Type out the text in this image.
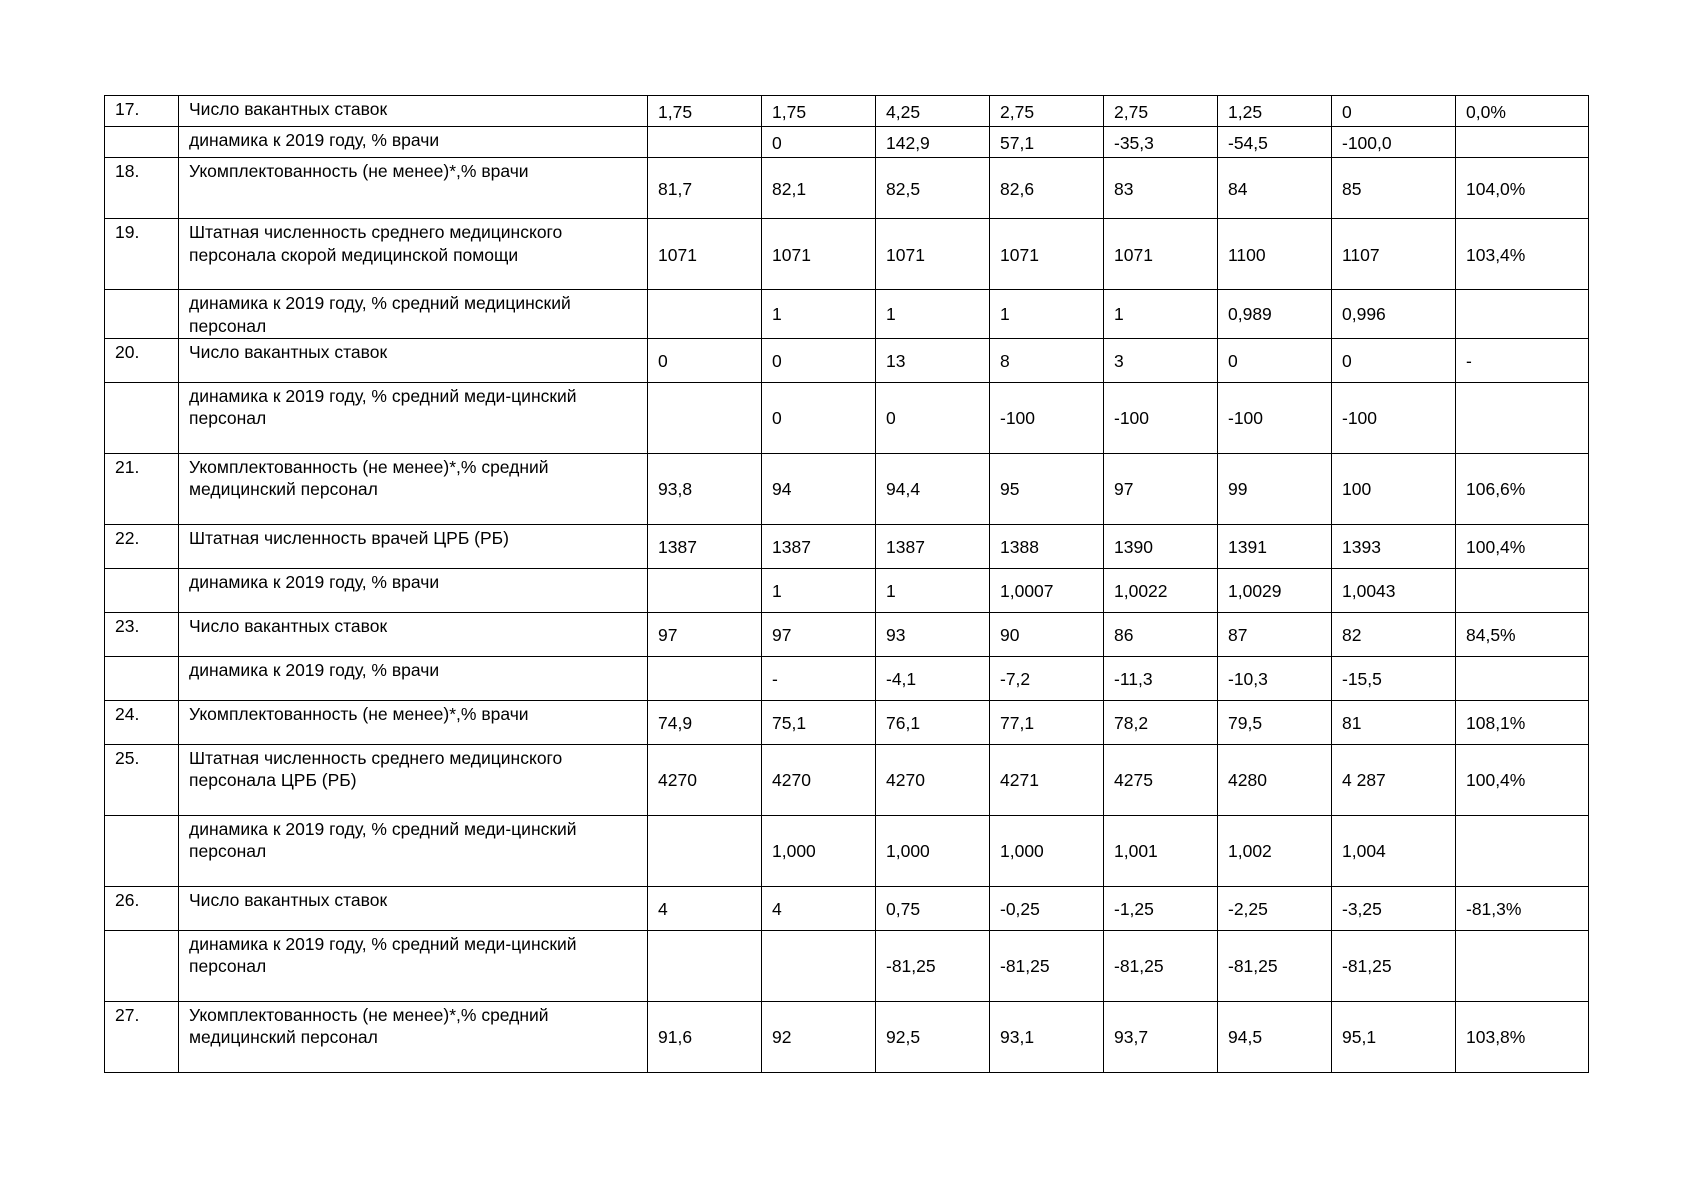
17.	Число вакантных ставок	1,75	1,75	4,25	2,75	2,75	1,25	0	0,0%
	динамика к 2019 году, % врачи		0	142,9	57,1	-35,3	-54,5	-100,0	
18.	Укомплектованность (не менее)*,% врачи	81,7	82,1	82,5	82,6	83	84	85	104,0%
19.	Штатная численность среднего медицинского персонала скорой медицинской помощи	1071	1071	1071	1071	1071	1100	1107	103,4%
	динамика к 2019 году, % средний медицинский персонал		1	1	1	1	0,989	0,996	
20.	Число вакантных ставок	0	0	13	8	3	0	0	-
	динамика к 2019 году, % средний меди-цинский персонал		0	0	-100	-100	-100	-100	
21.	Укомплектованность (не менее)*,% средний медицинский персонал	93,8	94	94,4	95	97	99	100	106,6%
22.	Штатная численность врачей ЦРБ (РБ)	1387	1387	1387	1388	1390	1391	1393	100,4%
	динамика к 2019 году, % врачи		1	1	1,0007	1,0022	1,0029	1,0043	
23.	Число вакантных ставок	97	97	93	90	86	87	82	84,5%
	динамика к 2019 году, % врачи		-	-4,1	-7,2	-11,3	-10,3	-15,5	
24.	Укомплектованность (не менее)*,% врачи	74,9	75,1	76,1	77,1	78,2	79,5	81	108,1%
25.	Штатная численность среднего медицинского персонала ЦРБ (РБ)	4270	4270	4270	4271	4275	4280	4 287	100,4%
	динамика к 2019 году, % средний меди-цинский персонал		1,000	1,000	1,000	1,001	1,002	1,004	
26.	Число вакантных ставок	4	4	0,75	-0,25	-1,25	-2,25	-3,25	-81,3%
	динамика к 2019 году, % средний меди-цинский персонал			-81,25	-81,25	-81,25	-81,25	-81,25	
27.	Укомплектованность (не менее)*,% средний медицинский персонал	91,6	92	92,5	93,1	93,7	94,5	95,1	103,8%
